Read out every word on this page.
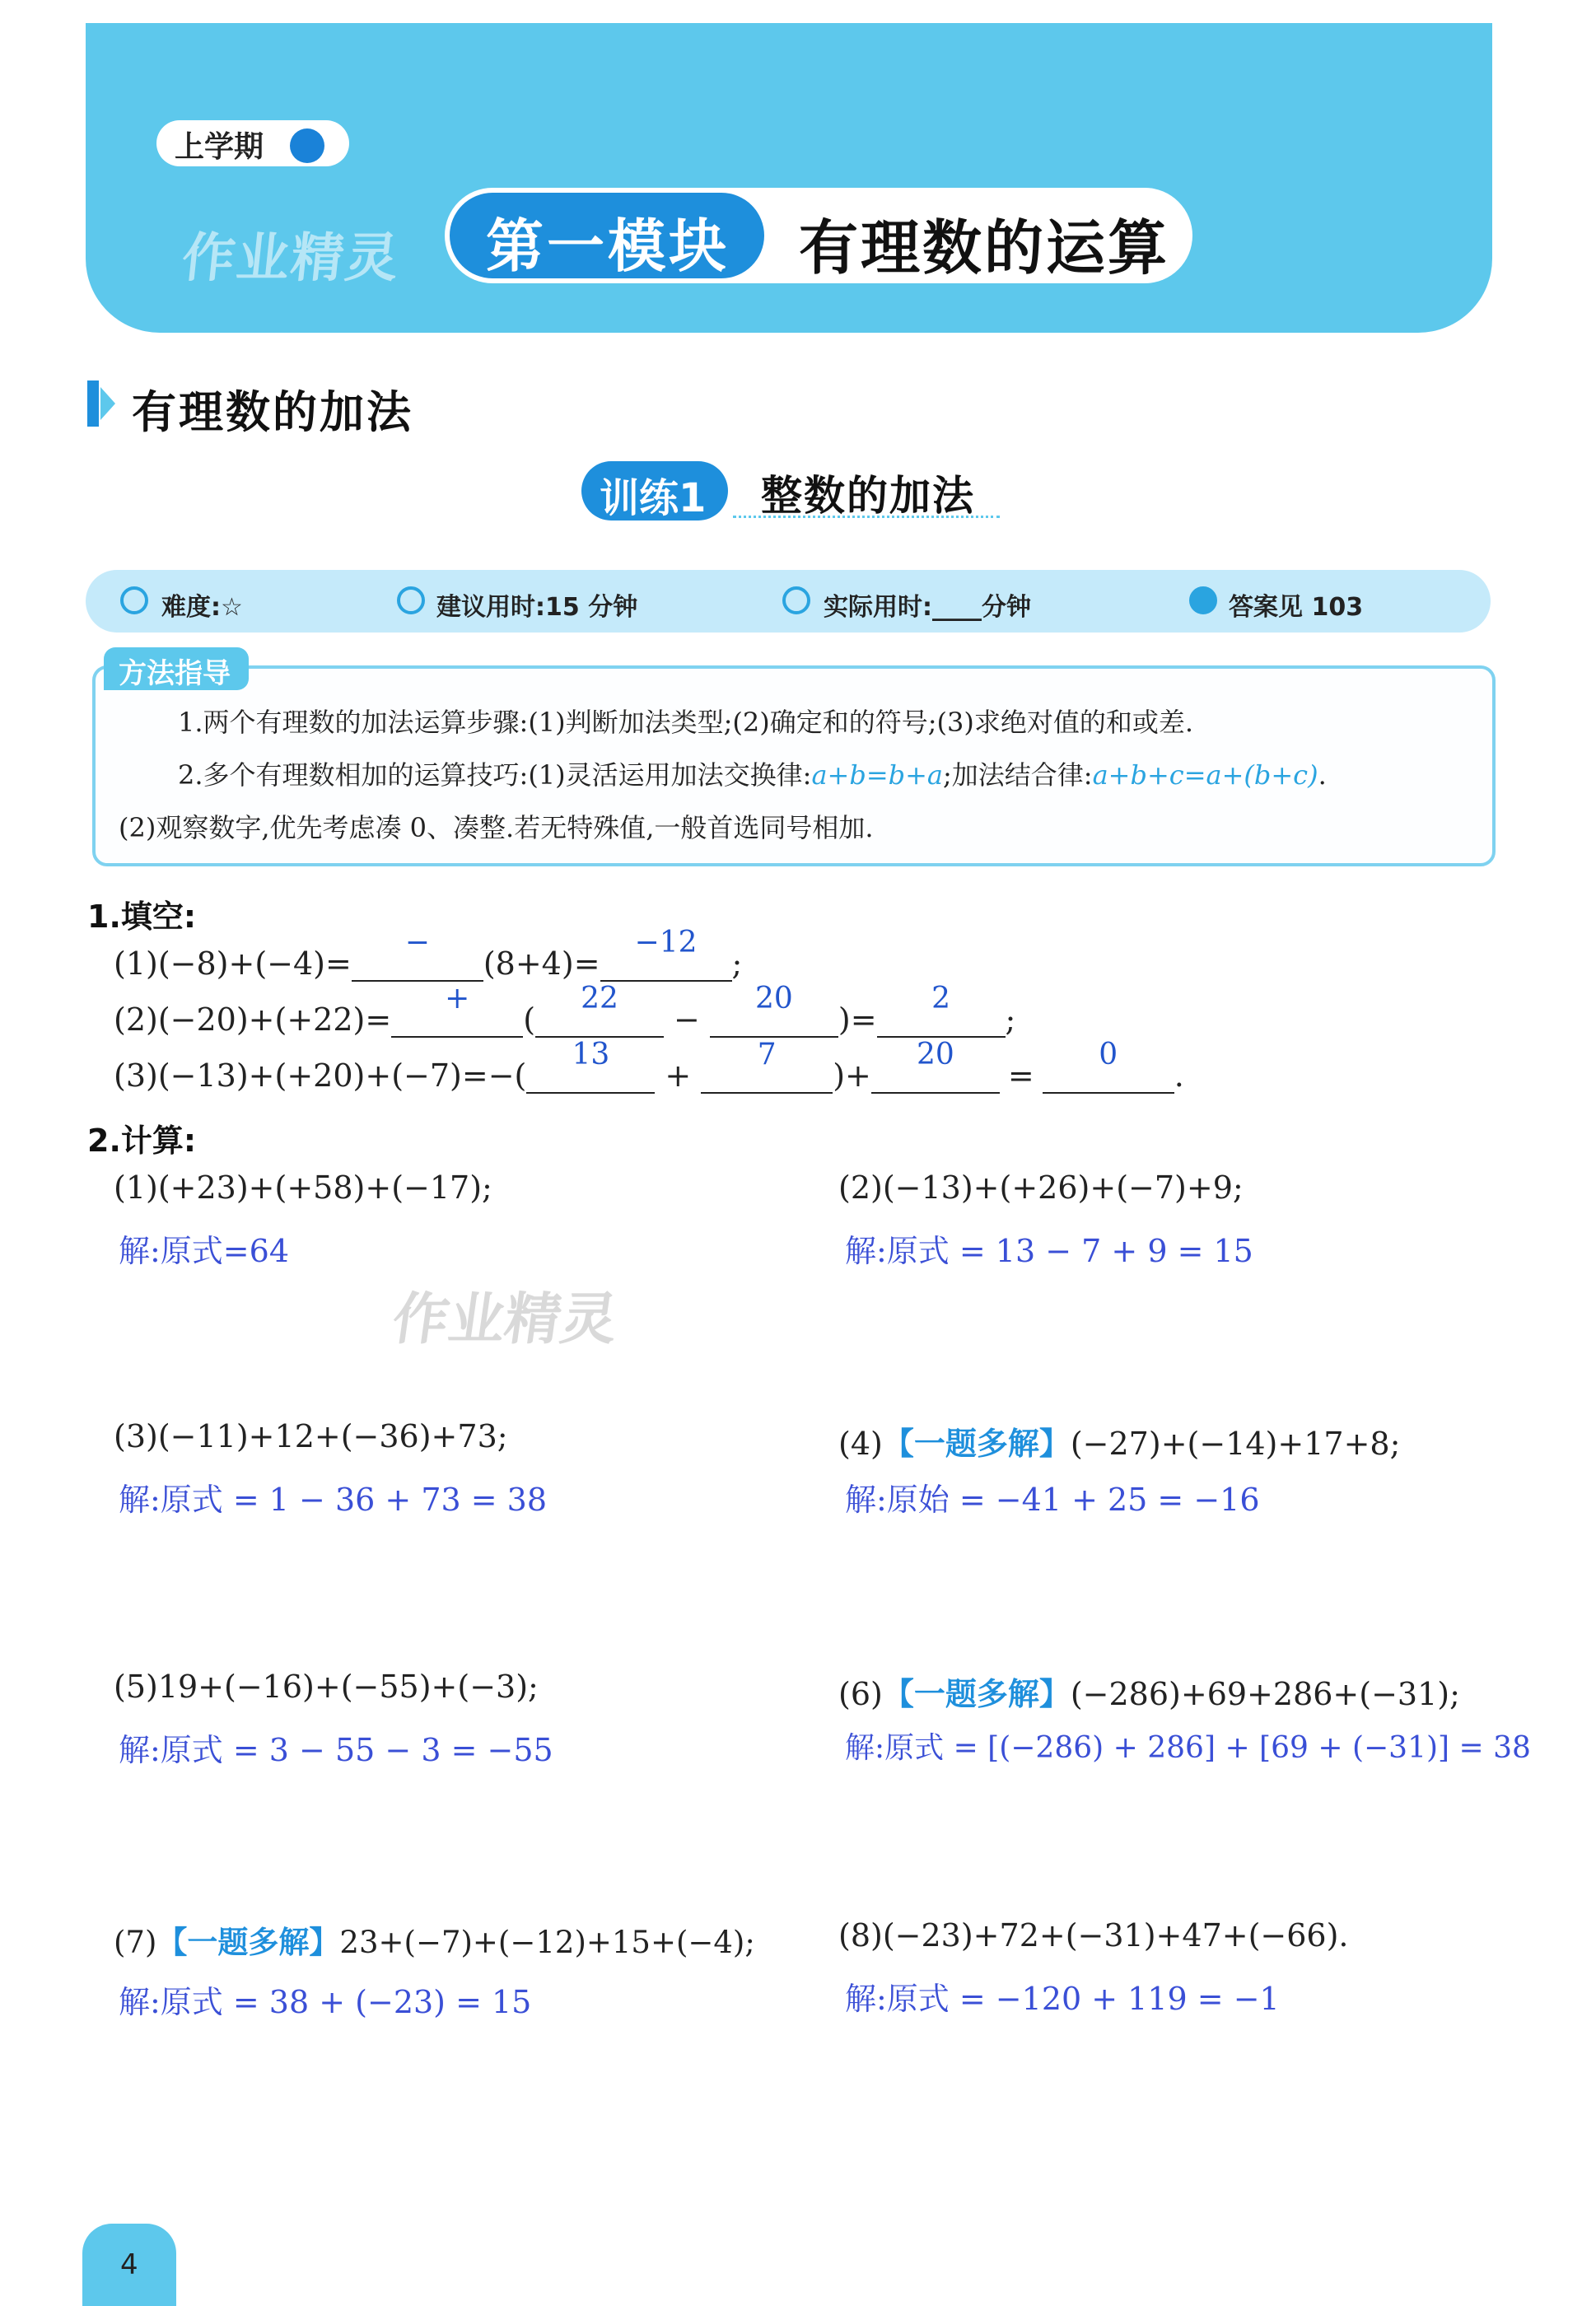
上学期
作业精灵 第一模块 有理数的运算
有理数的加法
训练1 整数的加法
难度:☆	建议用时:15 分钟	实际用时:____分钟	答案见 103
方法指导
1.两个有理数的加法运算步骤:(1)判断加法类型;(2)确定和的符号;(3)求绝对值的和或差.
2.多个有理数相加的运算技巧:(1)灵活运用加法交换律:a+b=b+a;加法结合律:a+b+c=a+(b+c).
(2)观察数字,优先考虑凑 0、凑整.若无特殊值,一般首选同号相加.
1.填空:
(1)(−8)+(−4)=
−
(8+4)=
−12
;
(2)(−20)+(+22)=
+
(
22
−
20
)=
2
;
(3)(−13)+(+20)+(−7)=−(
13
+
7
)+
20
=
0
.
2.计算:
(1)(+23)+(+58)+(−17);
解:原式=64
(2)(−13)+(+26)+(−7)+9;
解:原式 = 13 − 7 + 9 = 15
作业精灵
(3)(−11)+12+(−36)+73;
解:原式 = 1 − 36 + 73 = 38
(4)【一题多解】(−27)+(−14)+17+8;
解:原始 = −41 + 25 = −16
(5)19+(−16)+(−55)+(−3);
解:原式 = 3 − 55 − 3 = −55
(6)【一题多解】(−286)+69+286+(−31);
解:原式 = [(−286) + 286] + [69 + (−31)] = 38
(7)【一题多解】23+(−7)+(−12)+15+(−4);
解:原式 = 38 + (−23) = 15
(8)(−23)+72+(−31)+47+(−66).
解:原式 = −120 + 119 = −1
4
